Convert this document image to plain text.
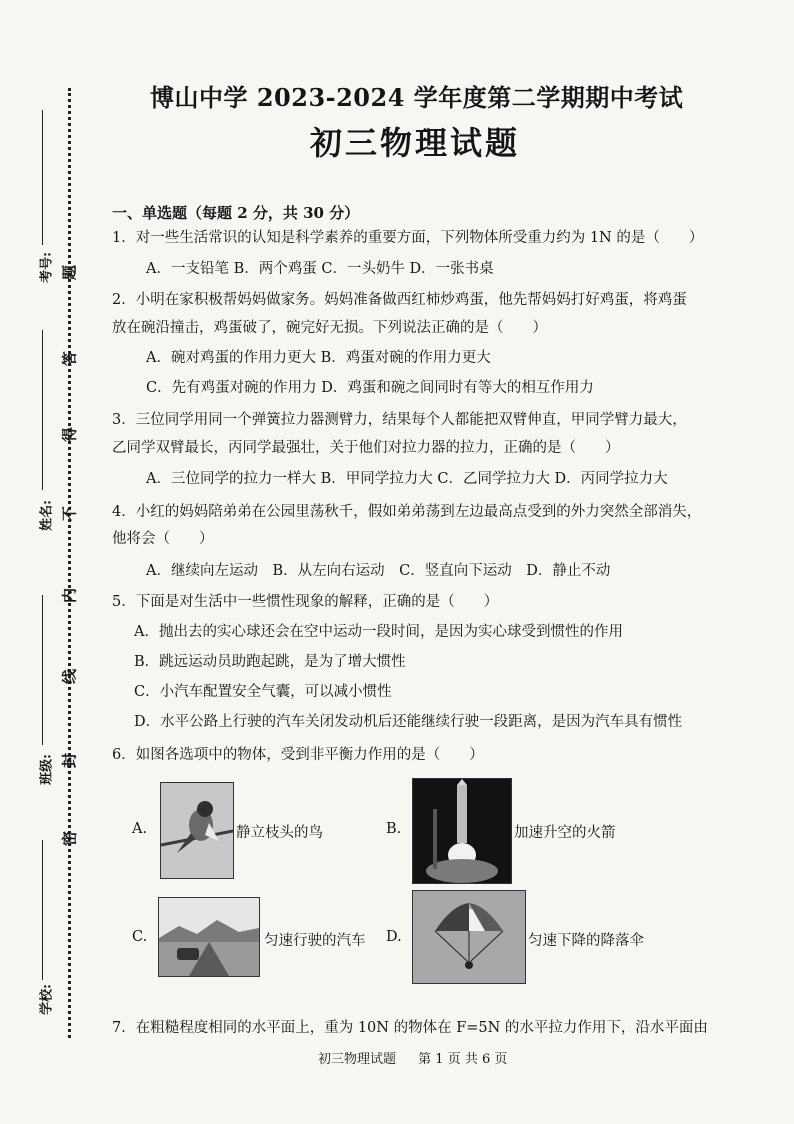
题
答
得
不
内
线
封
密
考号:
姓名:
班级:
学校:
博山中学 2023-2024 学年度第二学期期中考试
初三物理试题
一、单选题（每题 2 分，共 30 分）
1．对一些生活常识的认知是科学素养的重要方面，下列物体所受重力约为 1N 的是（　　）
A．一支铅笔 B．两个鸡蛋 C．一头奶牛 D．一张书桌
2．小明在家积极帮妈妈做家务。妈妈准备做西红柿炒鸡蛋，他先帮妈妈打好鸡蛋，将鸡蛋
放在碗沿撞击，鸡蛋破了，碗完好无损。下列说法正确的是（　　）
A．碗对鸡蛋的作用力更大 B．鸡蛋对碗的作用力更大
C．先有鸡蛋对碗的作用力 D．鸡蛋和碗之间同时有等大的相互作用力
3．三位同学用同一个弹簧拉力器测臂力，结果每个人都能把双臂伸直，甲同学臂力最大，
乙同学双臂最长，丙同学最强壮，关于他们对拉力器的拉力，正确的是（　　）
A．三位同学的拉力一样大 B．甲同学拉力大 C．乙同学拉力大 D．丙同学拉力大
4．小红的妈妈陪弟弟在公园里荡秋千，假如弟弟荡到左边最高点受到的外力突然全部消失，
他将会（　　）
A．继续向左运动　B．从左向右运动　C．竖直向下运动　D．静止不动
5．下面是对生活中一些惯性现象的解释，正确的是（　　）
A．抛出去的实心球还会在空中运动一段时间，是因为实心球受到惯性的作用
B．跳远运动员助跑起跳，是为了增大惯性
C．小汽车配置安全气囊，可以减小惯性
D．水平公路上行驶的汽车关闭发动机后还能继续行驶一段距离，是因为汽车具有惯性
6．如图各选项中的物体，受到非平衡力作用的是（　　）
A.	静立枝头的鸟	B.	加速升空的火箭
C.	匀速行驶的汽车 D.	匀速下降的降落伞
7．在粗糙程度相同的水平面上，重为 10N 的物体在 F=5N 的水平拉力作用下，沿水平面由
初三物理试题 第 1 页 共 6 页
